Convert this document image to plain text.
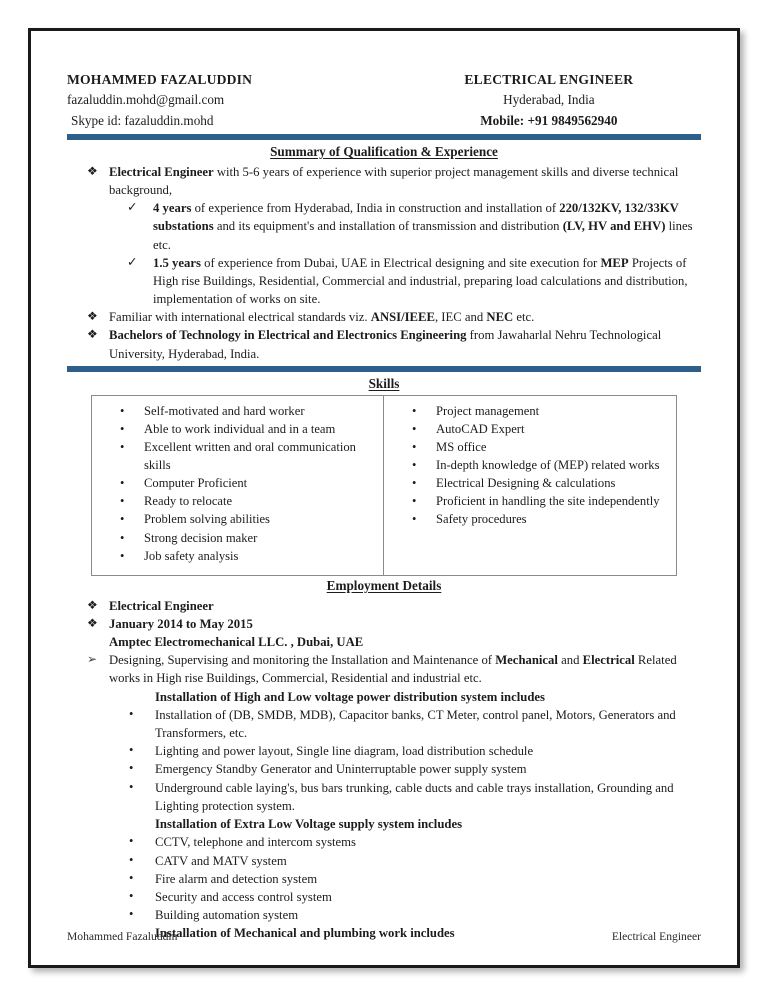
MOHAMMED FAZALUDDIN	ELECTRICAL ENGINEER

fazaluddin.mohd@gmail.com	Hyderabad, India

Skype id: fazaluddin.mohd	Mobile: +91 9849562940
Summary of Qualification & Experience
❖ Electrical Engineer with 5-6 years of experience with superior project management skills and diverse technical background,
✓	4 years of experience from Hyderabad, India in construction and installation of 220/132KV, 132/33KV substations and its equipment's and installation of transmission and distribution (LV, HV and EHV) lines etc.
✓	1.5 years of experience from Dubai, UAE in Electrical designing and site execution for MEP Projects of High rise Buildings, Residential, Commercial and industrial, preparing load calculations and distribution, implementation of works on site.
❖ Familiar with international electrical standards viz. ANSI/IEEE, IEC and NEC etc.
❖ Bachelors of Technology in Electrical and Electronics Engineering from Jawaharlal Nehru Technological University, Hyderabad, India.
Skills
•	Self-motivated and hard worker
•	Able to work individual and in a team
•	Excellent written and oral communication skills
•	Computer Proficient
•	Ready to relocate
•	Problem solving abilities
•	Strong decision maker
•	Job safety analysis

•	Project management
•	AutoCAD Expert
•	MS office
•	In-depth knowledge of (MEP) related works
•	Electrical Designing & calculations
•	Proficient in handling the site independently
•	Safety procedures
Employment Details
❖ Electrical Engineer
❖ January 2014 to May 2015
Amptec Electromechanical LLC. , Dubai, UAE
➢ Designing, Supervising and monitoring the Installation and Maintenance of Mechanical and Electrical Related works in High rise Buildings, Commercial, Residential and industrial etc.
Installation of High and Low voltage power distribution system includes
•	Installation of (DB, SMDB, MDB), Capacitor banks, CT Meter, control panel, Motors, Generators and Transformers, etc.
•	Lighting and power layout, Single line diagram, load distribution schedule
•	Emergency Standby Generator and Uninterruptable power supply system
•	Underground cable laying's, bus bars trunking, cable ducts and cable trays installation, Grounding and Lighting protection system.
Installation of Extra Low Voltage supply system includes
•	CCTV, telephone and intercom systems
•	CATV and MATV system
•	Fire alarm and detection system
•	Security and access control system
•	Building automation system
Installation of Mechanical and plumbing work includes
Mohammed Fazaluddin	Electrical Engineer
